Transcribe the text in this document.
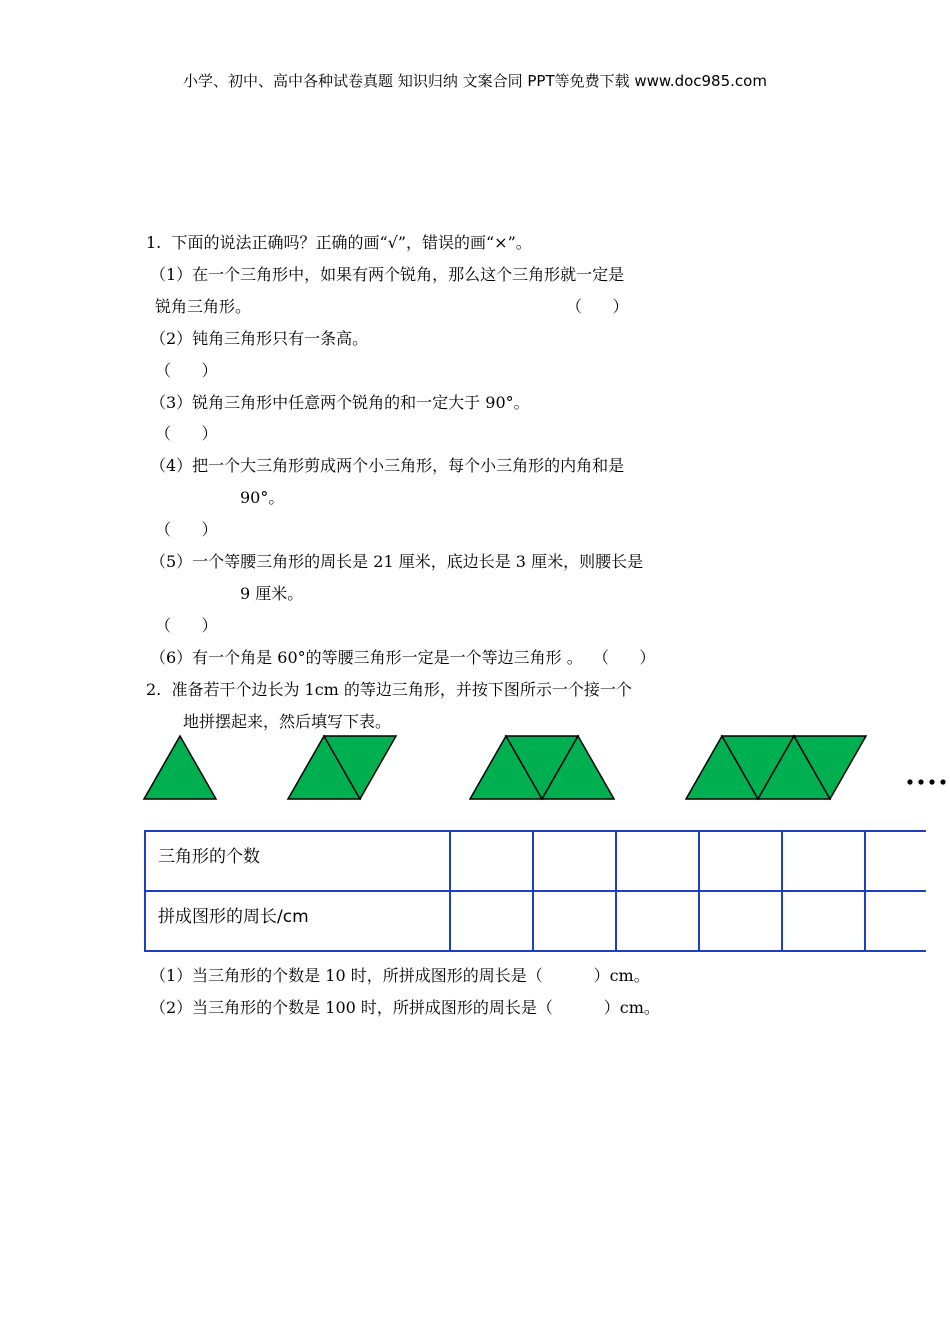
小学、初中、高中各种试卷真题 知识归纳 文案合同 PPT等免费下载 www.doc985.com
1.  下面的说法正确吗？正确的画“√”，错误的画“×”。
（1）在一个三角形中，如果有两个锐角，那么这个三角形就一定是
锐角三角形。	（      ）
（2）钝角三角形只有一条高。
（      ）
（3）锐角三角形中任意两个锐角的和一定大于 90°。
（      ）
（4）把一个大三角形剪成两个小三角形，每个小三角形的内角和是
90°。
（      ）
（5）一个等腰三角形的周长是 21 厘米，底边长是 3 厘米，则腰长是
9 厘米。
（      ）
（6）有一个角是 60°的等腰三角形一定是一个等边三角形 。  （      ）
2.  准备若干个边长为 1cm 的等边三角形，并按下图所示一个接一个
地拼摆起来，然后填写下表。
三角形的个数						
拼成图形的周长/cm						
（1）当三角形的个数是 10 时，所拼成图形的周长是（          ）cm。
（2）当三角形的个数是 100 时，所拼成图形的周长是（          ）cm。
